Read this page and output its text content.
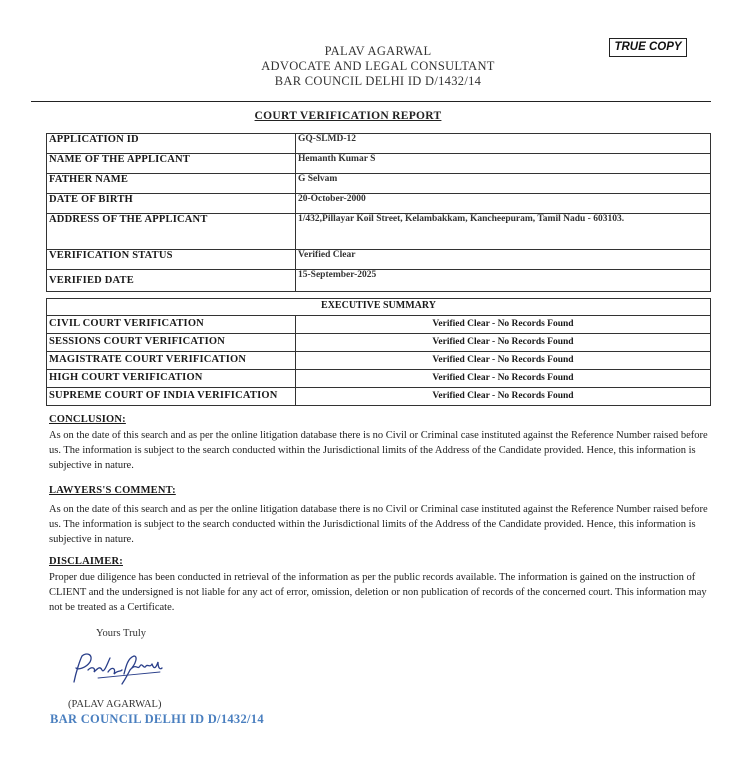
PALAV AGARWAL
ADVOCATE AND LEGAL CONSULTANT
BAR COUNCIL DELHI ID D/1432/14
TRUE COPY
COURT VERIFICATION REPORT
APPLICATION ID	GQ-SLMD-12
NAME OF THE APPLICANT	Hemanth Kumar S
FATHER NAME	G Selvam
DATE OF BIRTH	20-October-2000
ADDRESS OF THE APPLICANT	1/432,Pillayar Koil Street, Kelambakkam, Kancheepuram, Tamil Nadu - 603103.
VERIFICATION STATUS	Verified Clear
VERIFIED DATE	15-September-2025
EXECUTIVE SUMMARY	
CIVIL COURT VERIFICATION	Verified Clear - No Records Found
SESSIONS COURT VERIFICATION	Verified Clear - No Records Found
MAGISTRATE COURT VERIFICATION	Verified Clear - No Records Found
HIGH COURT VERIFICATION	Verified Clear - No Records Found
SUPREME COURT OF INDIA VERIFICATION	Verified Clear - No Records Found
CONCLUSION:
As on the date of this search and as per the online litigation database there is no Civil or Criminal case instituted against the Reference Number raised before us. The information is subject to the search conducted within the Jurisdictional limits of the Address of the Candidate provided. Hence, this information is subjective in nature.
LAWYERS'S COMMENT:
As on the date of this search and as per the online litigation database there is no Civil or Criminal case instituted against the Reference Number raised before us. The information is subject to the search conducted within the Jurisdictional limits of the Address of the Candidate provided. Hence, this information is subjective in nature.
DISCLAIMER:
Proper due diligence has been conducted in retrieval of the information as per the public records available. The information is gained on the instruction of CLIENT and the undersigned is not liable for any act of error, omission, deletion or non publication of records of the concerned court. This information may not be treated as a Certificate.
Yours Truly
(PALAV AGARWAL)
BAR COUNCIL DELHI ID D/1432/14
